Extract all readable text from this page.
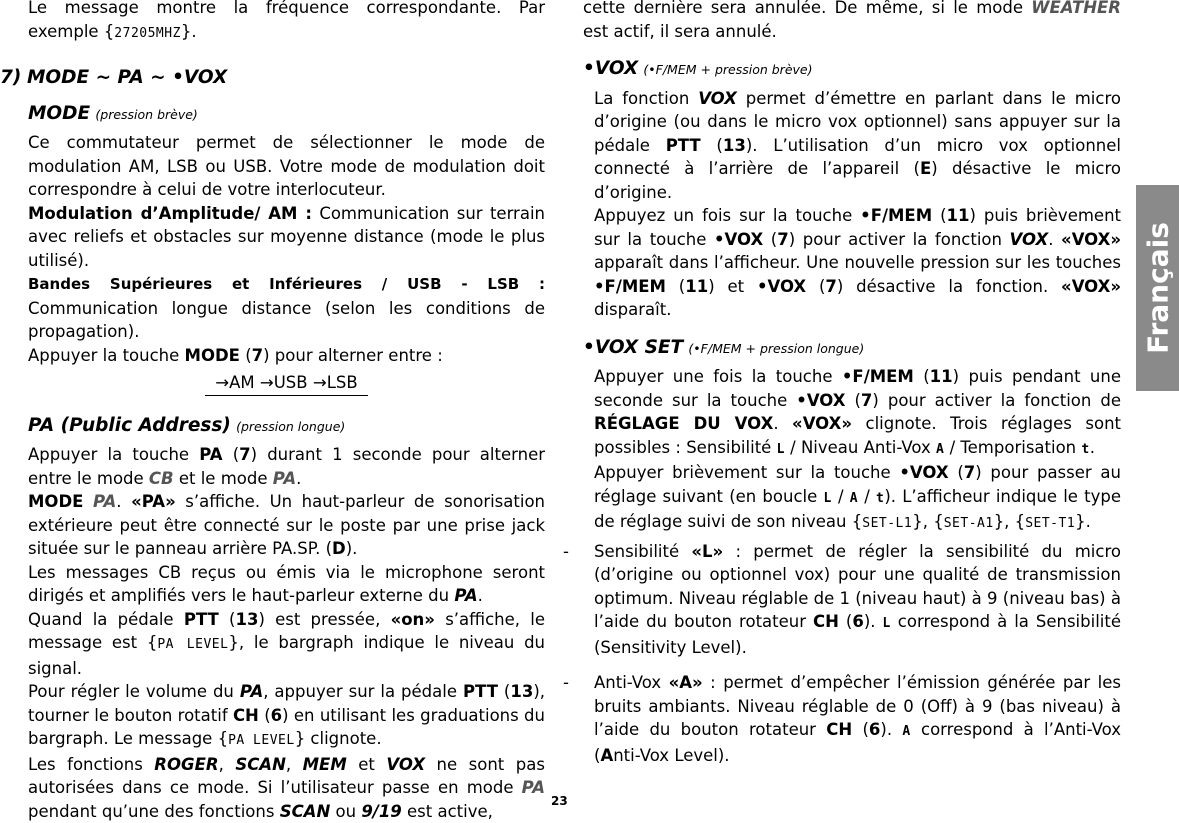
Le message montre la fréquence correspondante. Par exemple {27205MHZ}.

7) MODE ~ PA ~ •VOX

MODE (pression brève)

Ce commutateur permet de sélectionner le mode de modulation AM, LSB ou USB. Votre mode de modulation doit correspondre à celui de votre interlocuteur.

Modulation d’Amplitude/ AM : Communication sur terrain avec reliefs et obstacles sur moyenne distance (mode le plus utilisé).

Bandes Supérieures et Inférieures / USB - LSB : Communication longue distance (selon les conditions de propagation).

Appuyer la touche MODE (7) pour alterner entre :

→AM →USB →LSB

PA (Public Address) (pression longue)

Appuyer la touche PA (7) durant 1 seconde pour alterner entre le mode CB et le mode PA.

MODE PA. «PA» s’affiche. Un haut-parleur de sonorisation extérieure peut être connecté sur le poste par une prise jack située sur le panneau arrière PA.SP. (D).

Les messages CB reçus ou émis via le microphone seront dirigés et amplifiés vers le haut-parleur externe du PA.

Quand la pédale PTT (13) est pressée, «on» s’affiche, le message est {PA LEVEL}, le bargraph indique le niveau du signal.

Pour régler le volume du PA, appuyer sur la pédale PTT (13), tourner le bouton rotatif CH (6) en utilisant les graduations du bargraph. Le message {PA LEVEL} clignote.

Les fonctions ROGER, SCAN, MEM et VOX ne sont pas autorisées dans ce mode. Si l’utilisateur passe en mode PA pendant qu’une des fonctions SCAN ou 9/19 est active,

cette dernière sera annulée. De même, si le mode WEATHER est actif, il sera annulé.

•VOX (•F/MEM + pression brève)

La fonction VOX permet d’émettre en parlant dans le micro d’origine (ou dans le micro vox optionnel) sans appuyer sur la pédale PTT (13). L’utilisation d’un micro vox optionnel connecté à l’arrière de l’appareil (E) désactive le micro d’origine.

Appuyez un fois sur la touche •F/MEM (11) puis brièvement sur la touche •VOX (7) pour activer la fonction VOX. «VOX» apparaît dans l’afficheur. Une nouvelle pression sur les touches •F/MEM (11) et •VOX (7) désactive la fonction. «VOX» disparaît.

•VOX SET (•F/MEM + pression longue)

Appuyer une fois la touche •F/MEM (11) puis pendant une seconde sur la touche •VOX (7) pour activer la fonction de RÉGLAGE DU VOX. «VOX» clignote. Trois réglages sont possibles : Sensibilité L / Niveau Anti-Vox A / Temporisation t.

Appuyer brièvement sur la touche •VOX (7) pour passer au réglage suivant (en boucle L / A / t). L’afficheur indique le type de réglage suivi de son niveau {SET-L1}, {SET-A1}, {SET-T1}.

-	Sensibilité «L» : permet de régler la sensibilité du micro (d’origine ou optionnel vox) pour une qualité de transmission optimum. Niveau réglable de 1 (niveau haut) à 9 (niveau bas) à l’aide du bouton rotateur CH (6). L correspond à la Sensibilité (Sensitivity Level).
-	Anti-Vox «A» : permet d’empêcher l’émission générée par les bruits ambiants. Niveau réglable de 0 (Off) à 9 (bas niveau) à l’aide du bouton rotateur CH (6). A correspond à l’Anti-Vox (Anti-Vox Level).
Français
23
